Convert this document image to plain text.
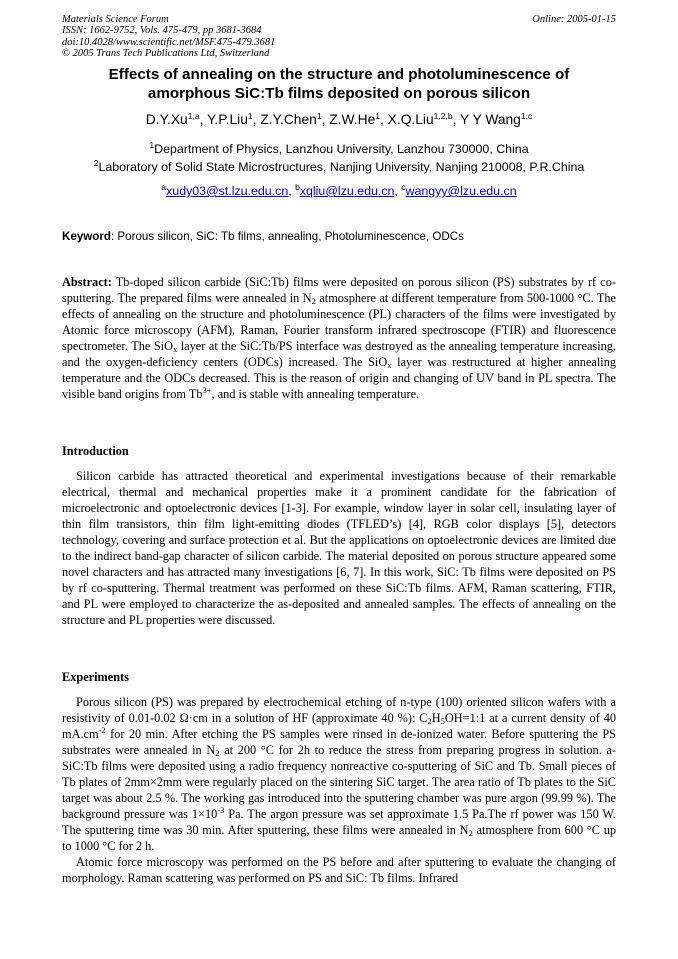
Materials Science Forum
ISSN: 1662-9752, Vols. 475-479, pp 3681-3684
doi:10.4028/www.scientific.net/MSF.475-479.3681
© 2005 Trans Tech Publications Ltd, Switzerland
Online: 2005-01-15
Effects of annealing on the structure and photoluminescence of
amorphous SiC:Tb films deposited on porous silicon
D.Y.Xu$^{1,a}$, Y.P.Liu$^1$, Z.Y.Chen$^1$, Z.W.He$^1$, X.Q.Liu$^{1,2,b}$, Y Y Wang$^{1,c}$
$^1$Department of Physics, Lanzhou University, Lanzhou 730000, China
$^2$Laboratory of Solid State Microstructures, Nanjing University, Nanjing 210008, P.R.China
$^a$xudy03@st.lzu.edu.cn, $^b$xqliu@lzu.edu.cn, $^c$wangyy@lzu.edu.cn
Keyword: Porous silicon, SiC: Tb films, annealing, Photoluminescence, ODCs

Abstract: Tb-doped silicon carbide (SiC:Tb) films were deposited on porous silicon (PS) substrates by rf co-sputtering. The prepared films were annealed in $N_2$ atmosphere at different temperature from 500-1000 °C. The effects of annealing on the structure and photoluminescence (PL) characters of the films were investigated by Atomic force microscopy (AFM), Raman, Fourier transform infrared spectroscope (FTIR) and fluorescence spectrometer. The SiO$_x$ layer at the SiC:Tb/PS interface was destroyed as the annealing temperature increasing, and the oxygen-deficiency centers (ODCs) increased. The SiO$_x$ layer was restructured at higher annealing temperature and the ODCs decreased. This is the reason of origin and changing of UV band in PL spectra. The visible band origins from $Tb^{3+}$, and is stable with annealing temperature.

Introduction

Silicon carbide has attracted theoretical and experimental investigations because of their remarkable electrical, thermal and mechanical properties make it a prominent candidate for the fabrication of microelectronic and optoelectronic devices [1-3]. For example, window layer in solar cell, insulating layer of thin film transistors, thin film light-emitting diodes (TFLED’s) [4], RGB color displays [5], detectors technology, covering and surface protection et al. But the applications on optoelectronic devices are limited due to the indirect band-gap character of silicon carbide. The material deposited on porous structure appeared some novel characters and has attracted many investigations [6, 7]. In this work, SiC: Tb films were deposited on PS by rf co-sputtering. Thermal treatment was performed on these SiC:Tb films. AFM, Raman scattering, FTIR, and PL were employed to characterize the as-deposited and annealed samples. The effects of annealing on the structure and PL properties were discussed.

Experiments

Porous silicon (PS) was prepared by electrochemical etching of n-type (100) oriented silicon wafers with a resistivity of 0.01-0.02 Ω·cm in a solution of HF (approximate 40 %): $C_2H_5OH=1:1$ at a current density of 40 $mA.cm^{-2}$ for 20 min. After etching the PS samples were rinsed in de-ionized water. Before sputtering the PS substrates were annealed in $N_2$ at 200 °C for 2h to reduce the stress from preparing progress in solution. a-SiC:Tb films were deposited using a radio frequency nonreactive co-sputtering of SiC and Tb. Small pieces of Tb plates of 2mm×2mm were regularly placed on the sintering SiC target. The area ratio of Tb plates to the SiC target was about 2.5 %. The working gas introduced into the sputtering chamber was pure argon (99.99 %). The background pressure was $1\times 10^{-3}$ Pa. The argon pressure was set approximate 1.5 Pa.The rf power was 150 W. The sputtering time was 30 min. After sputtering, these films were annealed in $N_2$ atmosphere from 600 °C up to 1000 °C for 2 h.

Atomic force microscopy was performed on the PS before and after sputtering to evaluate the changing of morphology. Raman scattering was performed on PS and SiC: Tb films. Infrared
